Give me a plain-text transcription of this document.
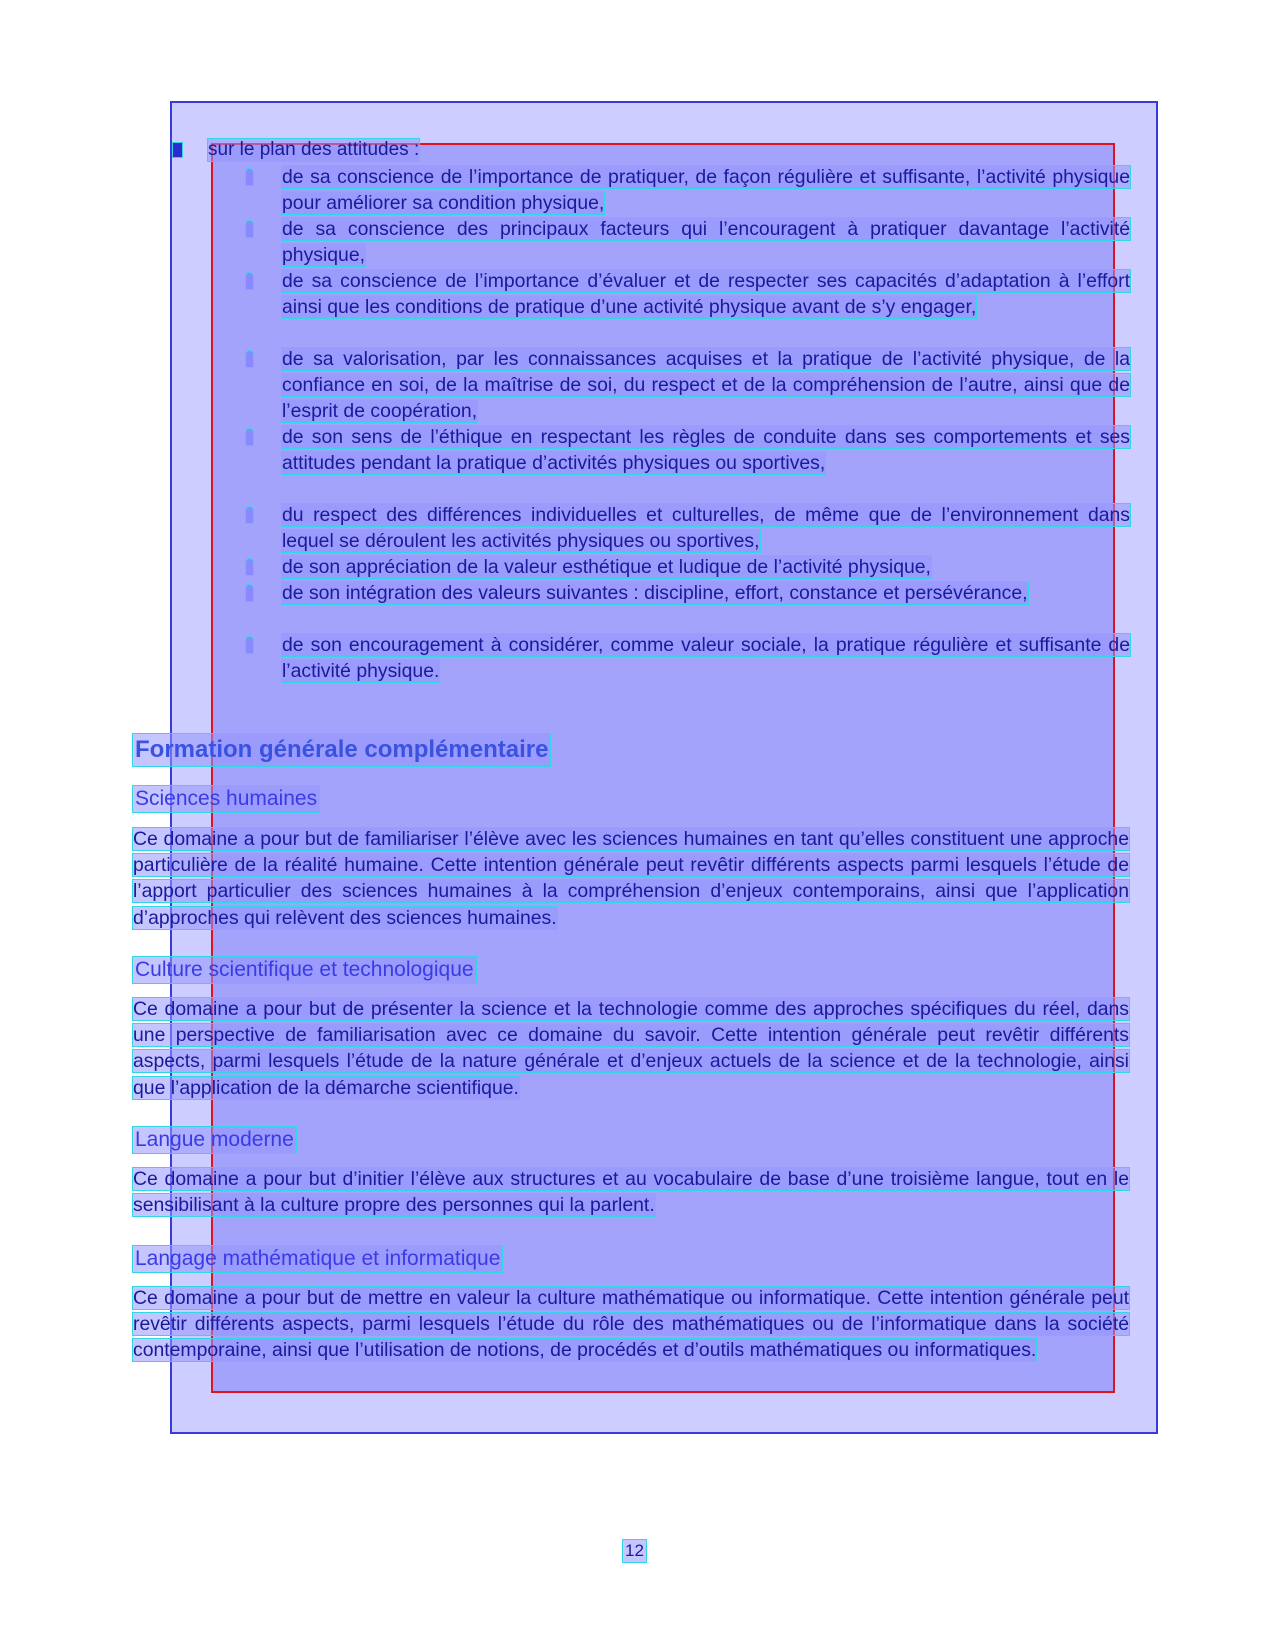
sur le plan des attitudes :
de sa conscience de l’importance de pratiquer, de façon régulière et suffisante, l’activité physique pour améliorer sa condition physique,
de sa conscience des principaux facteurs qui l’encouragent à pratiquer davantage l’activité physique,
de sa conscience de l’importance d’évaluer et de respecter ses capacités d’adaptation à l’effort ainsi que les conditions de pratique d’une activité physique avant de s’y engager,
de sa valorisation, par les connaissances acquises et la pratique de l’activité physique, de la confiance en soi, de la maîtrise de soi, du respect et de la compréhension de l’autre, ainsi que de l’esprit de coopération,
de son sens de l’éthique en respectant les règles de conduite dans ses comportements et ses attitudes pendant la pratique d’activités physiques ou sportives,
du respect des différences individuelles et culturelles, de même que de l’environnement dans lequel se déroulent les activités physiques ou sportives,
de son appréciation de la valeur esthétique et ludique de l’activité physique,
de son intégration des valeurs suivantes : discipline, effort, constance et persévérance,
de son encouragement à considérer, comme valeur sociale, la pratique régulière et suffisante de l’activité physique.
Formation générale complémentaire
Sciences humaines
Ce domaine a pour but de familiariser l’élève avec les sciences humaines en tant qu’elles constituent une approche particulière de la réalité humaine. Cette intention générale peut revêtir différents aspects parmi lesquels l’étude de l’apport particulier des sciences humaines à la compréhension d’enjeux contemporains, ainsi que l’application d’approches qui relèvent des sciences humaines.
Culture scientifique et technologique
Ce domaine a pour but de présenter la science et la technologie comme des approches spécifiques du réel, dans une perspective de familiarisation avec ce domaine du savoir. Cette intention générale peut revêtir différents aspects, parmi lesquels l’étude de la nature générale et d’enjeux actuels de la science et de la technologie, ainsi que l’application de la démarche scientifique.
Langue moderne
Ce domaine a pour but d’initier l’élève aux structures et au vocabulaire de base d’une troisième langue, tout en le sensibilisant à la culture propre des personnes qui la parlent.
Langage mathématique et informatique
Ce domaine a pour but de mettre en valeur la culture mathématique ou informatique. Cette intention générale peut revêtir différents aspects, parmi lesquels l’étude du rôle des mathématiques ou de l’informatique dans la société contemporaine, ainsi que l’utilisation de notions, de procédés et d’outils mathématiques ou informatiques.
12
